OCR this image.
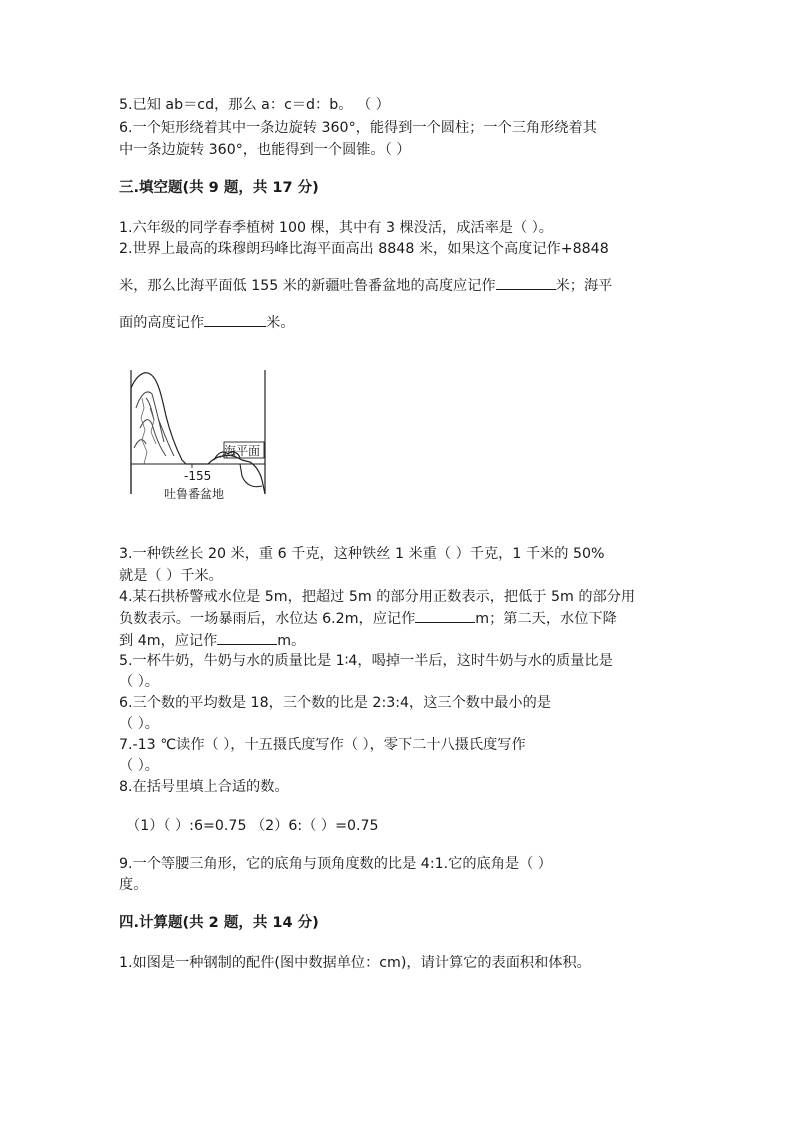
5.已知 ab＝cd，那么 a：c＝d：b。 （ ）
6.一个矩形绕着其中一条边旋转 360°，能得到一个圆柱；一个三角形绕着其
中一条边旋转 360°，也能得到一个圆锥。（ ）
三.填空题(共 9 题，共 17 分)
1.六年级的同学春季植树 100 棵，其中有 3 棵没活，成活率是（ ）。
2.世界上最高的珠穆朗玛峰比海平面高出 8848 米，如果这个高度记作+8848
米，那么比海平面低 155 米的新疆吐鲁番盆地的高度应记作	米；海平
面的高度记作	米。
海平面
-155
吐鲁番盆地
3.一种铁丝长 20 米，重 6 千克，这种铁丝 1 米重（ ）千克，1 千米的 50%
就是（ ）千米。
4.某石拱桥警戒水位是 5m，把超过 5m 的部分用正数表示，把低于 5m 的部分用
负数表示。一场暴雨后，水位达 6.2m，应记作	m；第二天，水位下降
到 4m，应记作	m。
5.一杯牛奶，牛奶与水的质量比是 1∶4，喝掉一半后，这时牛奶与水的质量比是
（ ）。
6.三个数的平均数是 18，三个数的比是 2:3:4，这三个数中最小的是
（ ）。
7.-13 ℃读作（ ），十五摄氏度写作（ ），零下二十八摄氏度写作
（ ）。
8.在括号里填上合适的数。
（1）（ ）:6=0.75 （2）6:（ ）=0.75
9.一个等腰三角形，它的底角与顶角度数的比是 4:1.它的底角是（ ）
度。
四.计算题(共 2 题，共 14 分)
1.如图是一种钢制的配件(图中数据单位：cm)，请计算它的表面积和体积。
